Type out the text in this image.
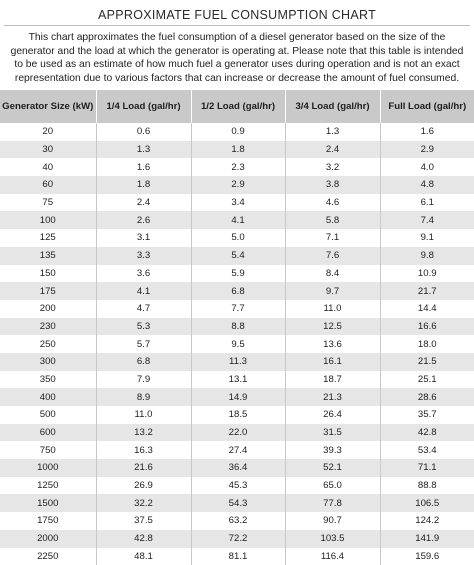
APPROXIMATE FUEL CONSUMPTION CHART

This chart approximates the fuel consumption of a diesel generator based on the size of the generator and the load at which the generator is operating at. Please note that this table is intended to be used as an estimate of how much fuel a generator uses during operation and is not an exact representation due to various factors that can increase or decrease the amount of fuel consumed.

Generator Size (kW)	1/4 Load (gal/hr)	1/2 Load (gal/hr)	3/4 Load (gal/hr)	Full Load (gal/hr)
20	0.6	0.9	1.3	1.6
30	1.3	1.8	2.4	2.9
40	1.6	2.3	3.2	4.0
60	1.8	2.9	3.8	4.8
75	2.4	3.4	4.6	6.1
100	2.6	4.1	5.8	7.4
125	3.1	5.0	7.1	9.1
135	3.3	5.4	7.6	9.8
150	3.6	5.9	8.4	10.9
175	4.1	6.8	9.7	21.7
200	4.7	7.7	11.0	14.4
230	5.3	8.8	12.5	16.6
250	5.7	9.5	13.6	18.0
300	6.8	11.3	16.1	21.5
350	7.9	13.1	18.7	25.1
400	8.9	14.9	21.3	28.6
500	11.0	18.5	26.4	35.7
600	13.2	22.0	31.5	42.8
750	16.3	27.4	39.3	53.4
1000	21.6	36.4	52.1	71.1
1250	26.9	45.3	65.0	88.8
1500	32.2	54.3	77.8	106.5
1750	37.5	63.2	90.7	124.2
2000	42.8	72.2	103.5	141.9
2250	48.1	81.1	116.4	159.6
